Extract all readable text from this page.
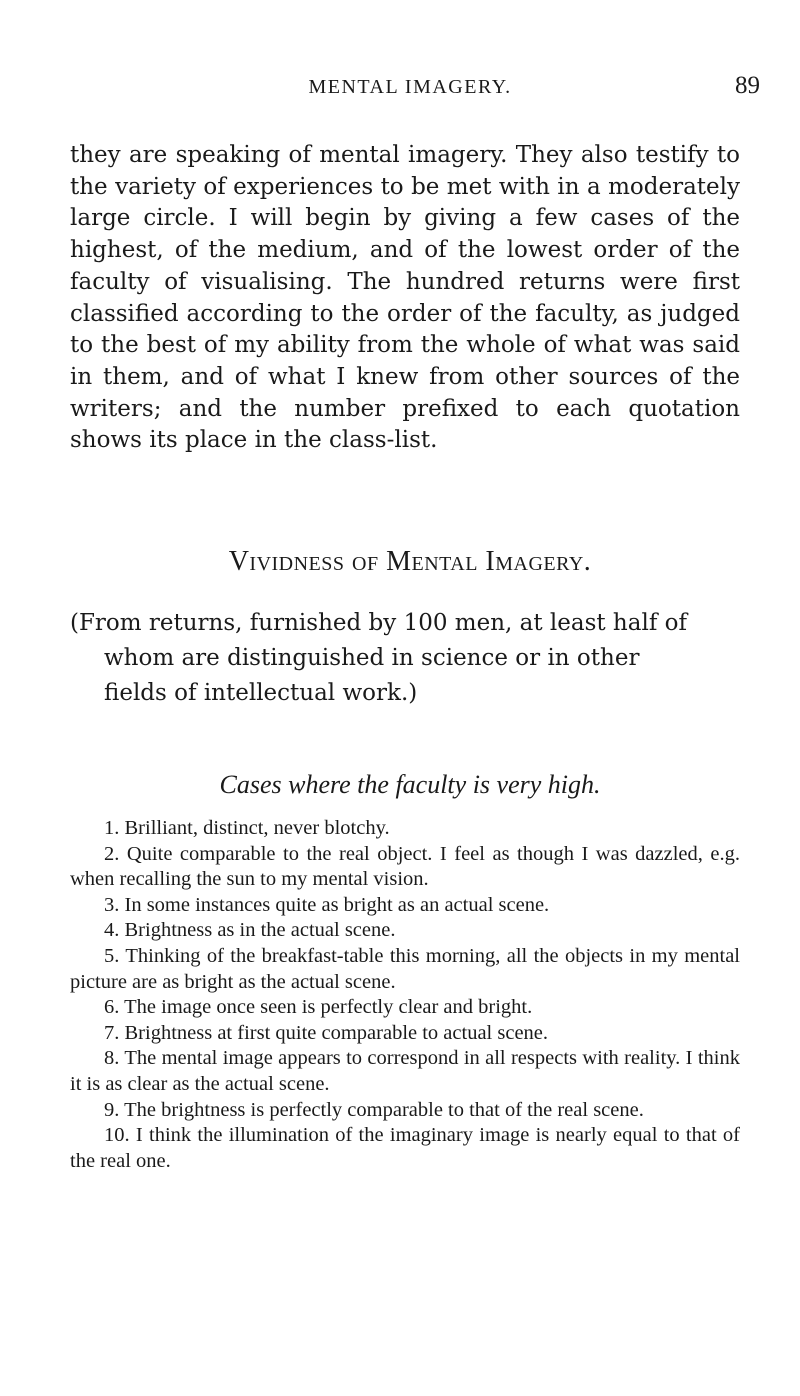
MENTAL IMAGERY.	89

they are speaking of mental imagery. They also testify to the variety of experiences to be met with in a moderately large circle. I will begin by giving a few cases of the highest, of the medium, and of the lowest order of the faculty of visualising. The hundred returns were first classified according to the order of the faculty, as judged to the best of my ability from the whole of what was said in them, and of what I knew from other sources of the writers; and the number prefixed to each quotation shows its place in the class-list.

Vividness of Mental Imagery.
(From returns, furnished by 100 men, at least half of
whom are distinguished in science or in other
fields of intellectual work.)
Cases where the faculty is very high.

1. Brilliant, distinct, never blotchy.

2. Quite comparable to the real object. I feel as though I was dazzled, e.g. when recalling the sun to my mental vision.

3. In some instances quite as bright as an actual scene.

4. Brightness as in the actual scene.

5. Thinking of the breakfast-table this morning, all the objects in my mental picture are as bright as the actual scene.

6. The image once seen is perfectly clear and bright.

7. Brightness at first quite comparable to actual scene.

8. The mental image appears to correspond in all respects with reality. I think it is as clear as the actual scene.

9. The brightness is perfectly comparable to that of the real scene.

10. I think the illumination of the imaginary image is nearly equal to that of the real one.
